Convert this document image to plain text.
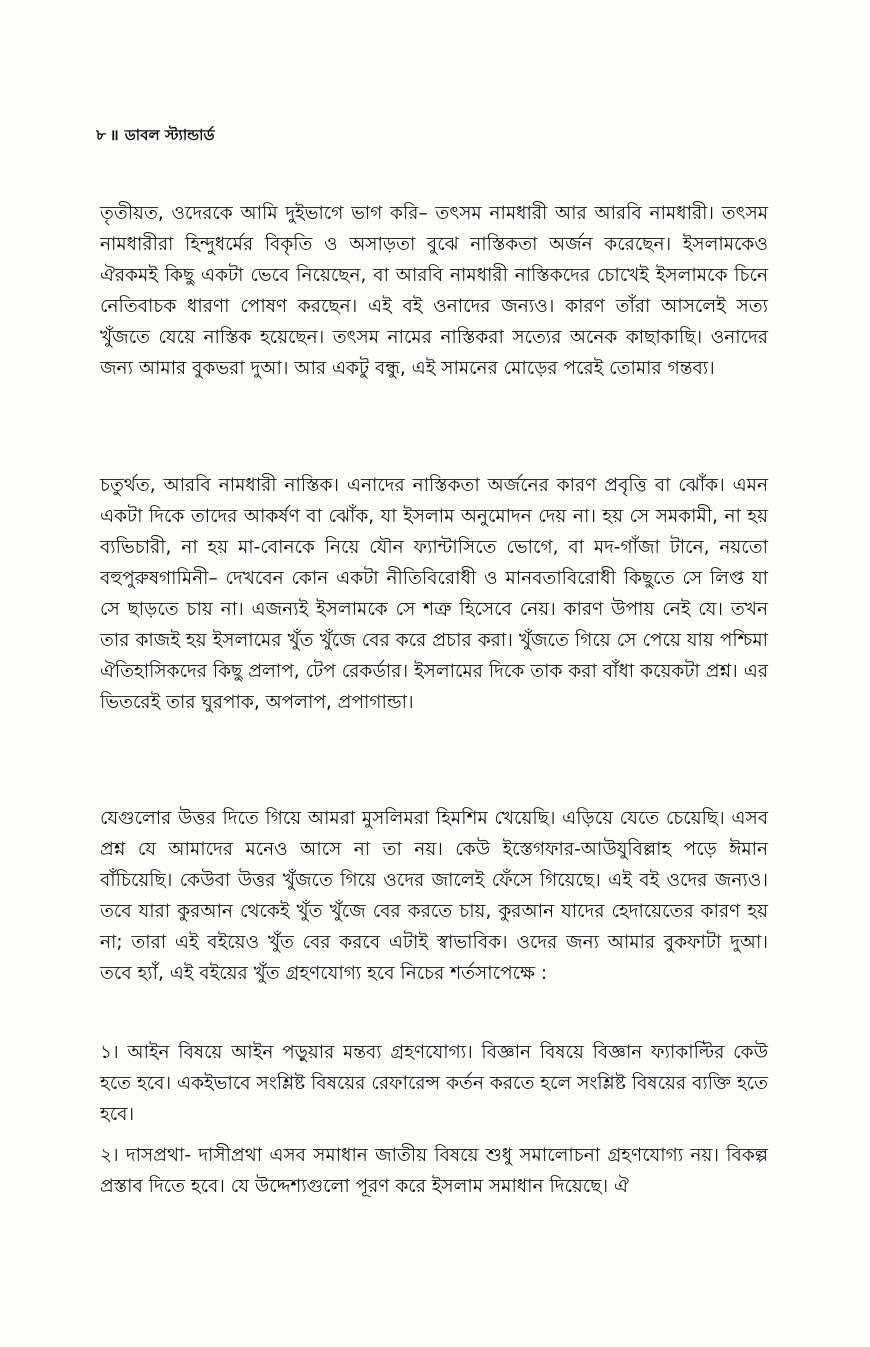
৮ ॥ ডাবল স্ট্যান্ডার্ড

তৃতীয়ত, ওদেরকে আমি দুইভাগে ভাগ করি– তৎসম নামধারী আর আরবি নামধারী। তৎসম নামধারীরা হিন্দুধর্মের বিকৃতি ও অসাড়তা বুঝে নাস্তিকতা অর্জন করেছেন। ইসলামকেও ঐরকমই কিছু একটা ভেবে নিয়েছেন, বা আরবি নামধারী নাস্তিকদের চোখেই ইসলামকে চিনে নেতিবাচক ধারণা পোষণ করছেন। এই বই ওনাদের জন্যও। কারণ তাঁরা আসলেই সত্য খুঁজতে যেয়ে নাস্তিক হয়েছেন। তৎসম নামের নাস্তিকরা সত্যের অনেক কাছাকাছি। ওনাদের জন্য আমার বুকভরা দুআ। আর একটু বন্ধু, এই সামনের মোড়ের পরেই তোমার গন্তব্য।

চতুর্থত, আরবি নামধারী নাস্তিক। এনাদের নাস্তিকতা অর্জনের কারণ প্রবৃত্তি বা ঝোঁক। এমন একটা দিকে তাদের আকর্ষণ বা ঝোঁক, যা ইসলাম অনুমোদন দেয় না। হয় সে সমকামী, না হয় ব্যভিচারী, না হয় মা-বোনকে নিয়ে যৌন ফ্যান্টাসিতে ভোগে, বা মদ-গাঁজা টানে, নয়তো বহুপুরুষগামিনী– দেখবেন কোন একটা নীতিবিরোধী ও মানবতাবিরোধী কিছুতে সে লিপ্ত যা সে ছাড়তে চায় না। এজন্যই ইসলামকে সে শত্রু হিসেবে নেয়। কারণ উপায় নেই যে। তখন তার কাজই হয় ইসলামের খুঁত খুঁজে বের করে প্রচার করা। খুঁজতে গিয়ে সে পেয়ে যায় পশ্চিমা ঐতিহাসিকদের কিছু প্রলাপ, টেপ রেকর্ডার। ইসলামের দিকে তাক করা বাঁধা কয়েকটা প্রশ্ন। এর ভিতরেই তার ঘুরপাক, অপলাপ, প্রপাগান্ডা।

যেগুলোর উত্তর দিতে গিয়ে আমরা মুসলিমরা হিমশিম খেয়েছি। এড়িয়ে যেতে চেয়েছি। এসব প্রশ্ন যে আমাদের মনেও আসে না তা নয়। কেউ ইস্তেগফার-আউযুবিল্লাহ পড়ে ঈমান বাঁচিয়েছি। কেউবা উত্তর খুঁজতে গিয়ে ওদের জালেই ফেঁসে গিয়েছে। এই বই ওদের জন্যও। তবে যারা কুরআন থেকেই খুঁত খুঁজে বের করতে চায়, কুরআন যাদের হেদায়েতের কারণ হয় না; তারা এই বইয়েও খুঁত বের করবে এটাই স্বাভাবিক। ওদের জন্য আমার বুকফাটা দুআ। তবে হ্যাঁ, এই বইয়ের খুঁত গ্রহণযোগ্য হবে নিচের শর্তসাপেক্ষে :

১। আইন বিষয়ে আইন পড়ুয়ার মন্তব্য গ্রহণযোগ্য। বিজ্ঞান বিষয়ে বিজ্ঞান ফ্যাকাল্টির কেউ হতে হবে। একইভাবে সংশ্লিষ্ট বিষয়ের রেফারেন্স কর্তন করতে হলে সংশ্লিষ্ট বিষয়ের ব্যক্তি হতে হবে।

২। দাসপ্রথা- দাসীপ্রথা এসব সমাধান জাতীয় বিষয়ে শুধু সমালোচনা গ্রহণযোগ্য নয়। বিকল্প প্রস্তাব দিতে হবে। যে উদ্দেশ্যগুলো পূরণ করে ইসলাম সমাধান দিয়েছে। ঐ
